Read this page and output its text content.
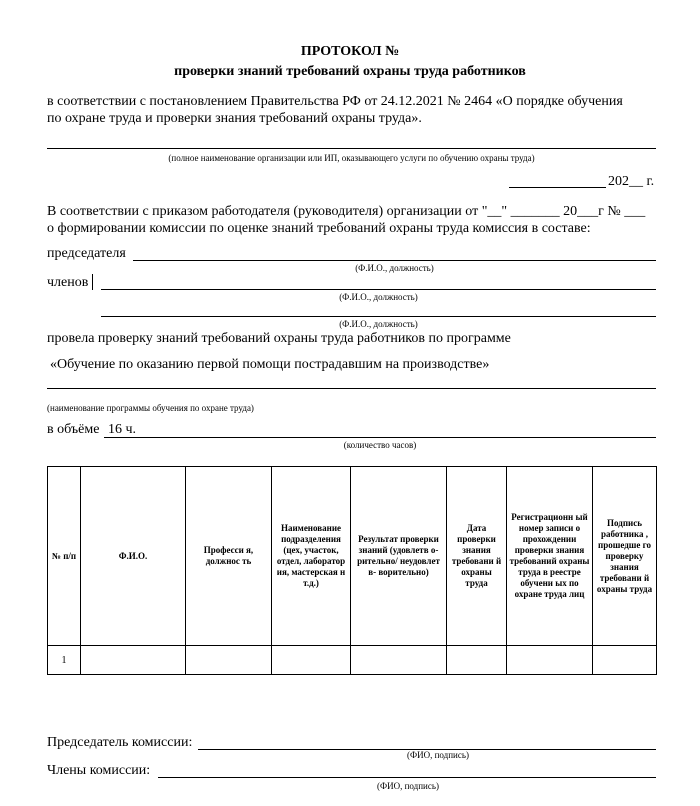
ПРОТОКОЛ №
проверки знаний требований охраны труда работников
в соответствии с постановлением Правительства РФ от 24.12.2021 № 2464 «О порядке обучения
по охране труда и проверки знания требований охраны труда».
(полное наименование организации или ИП, оказывающего услуги по обучению охраны труда)
202__ г.
В соответствии с приказом работодателя (руководителя) организации от "__" _______ 20___г № ___
о формировании комиссии по оценке знаний требований охраны труда комиссия в составе:
председателя
(Ф.И.О., должность)
членов
(Ф.И.О., должность)
(Ф.И.О., должность)
провела проверку знаний требований охраны труда работников по программе
«Обучение по оказанию первой помощи пострадавшим на производстве»
(наименование программы обучения по охране труда)
в объёме 16 ч.
(количество часов)
№ п/п	Ф.И.О.	Професси я, должнос ть	Наименование подразделения (цех, участок, отдел, лаборатор ия, мастерская н т.д.)	Результат проверки знаний (удовлетв о- рительно/ неудовлет в- ворительно)	Дата проверки знания требовани й охраны труда	Регистрационн ый номер записи о прохождении проверки знания требований охраны труда в реестре обучени ых по охране труда лиц	Подпись работника , прошедше го проверку знания требовани й охраны труда
1							
Председатель комиссии:
(ФИО, подпись)
Члены комиссии:
(ФИО, подпись)
